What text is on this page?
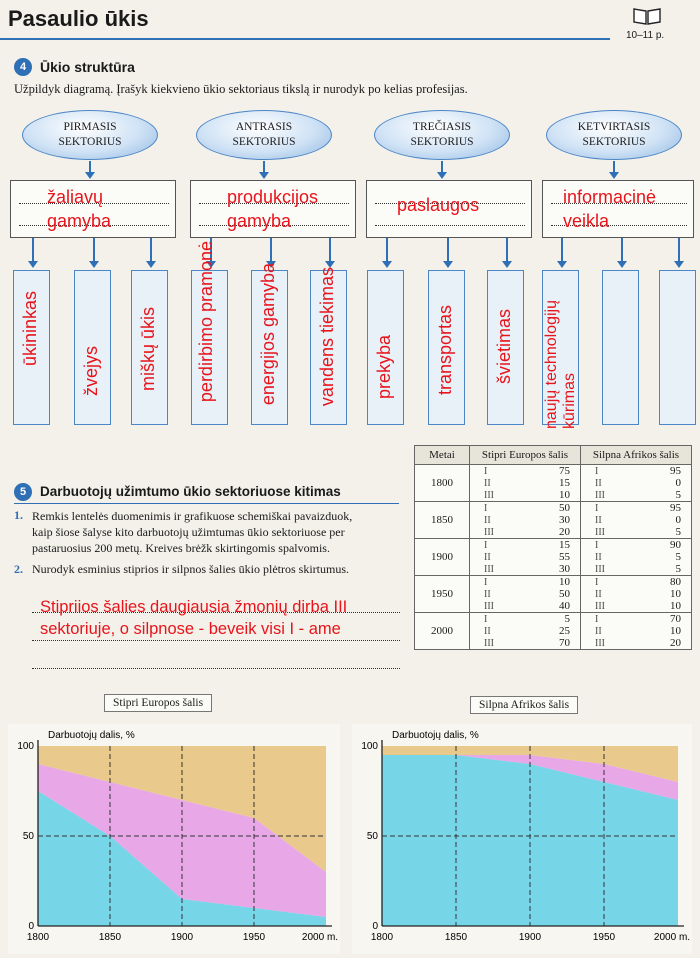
Pasaulio ūkis
10–11 p.
4 Ūkio struktūra
Užpildyk diagramą. Įrašyk kiekvieno ūkio sektoriaus tikslą ir nurodyk po kelias profesijas.
PIRMASIS
SEKTORIUS
ANTRASIS
SEKTORIUS
TREČIASIS
SEKTORIUS
KETVIRTASIS
SEKTORIUS
žaliavų
gamyba
produkcijos
gamyba
paslaugos	informacinė
veikla
ūkininkas
žvejys miškų ūkis perdirbimo pramonė energijos gamyba vandens tiekimas prekyba transportas švietimas naujų technologijų kūrimas
5	Darbuotojų užimtumo ūkio sektoriuose kitimas
1. Remkis lentelės duomenimis ir grafikuose schemiškai pavaizduok,
kaip šiose šalyse kito darbuotojų užimtumas ūkio sektoriuose per
pastaruosius 200 metų. Kreives brėžk skirtingomis spalvomis.
2. Nurodyk esminius stiprios ir silpnos šalies ūkio plėtros skirtumus.
Stipriios šalies daugiausia žmonių dirba III
sektoriuje, o silpnose - beveik visi I - ame
Metai	Stipri Europos šalis		Silpna Afrikos šalis	
1800	I	75	I	95
	II	15	II	0
	III	10	III	5
1850	I	50	I	95
	II	30	II	0
	III	20	III	5
1900	I	15	I	90
	II	55	II	5
	III	30	III	5
1950	I	10	I	80
	II	50	II	10
	III	40	III	10
2000	I	5	I	70
	II	25	II	10
	III	70	III	20
Stipri Europos šalis	Silpna Afrikos šalis
Darbuotojų dalis, %
100
50
0
1800	1850	1900	1950	2000 m.
Darbuotojų dalis, %
100
50
0
1800	1850	1900	1950	2000 m.
